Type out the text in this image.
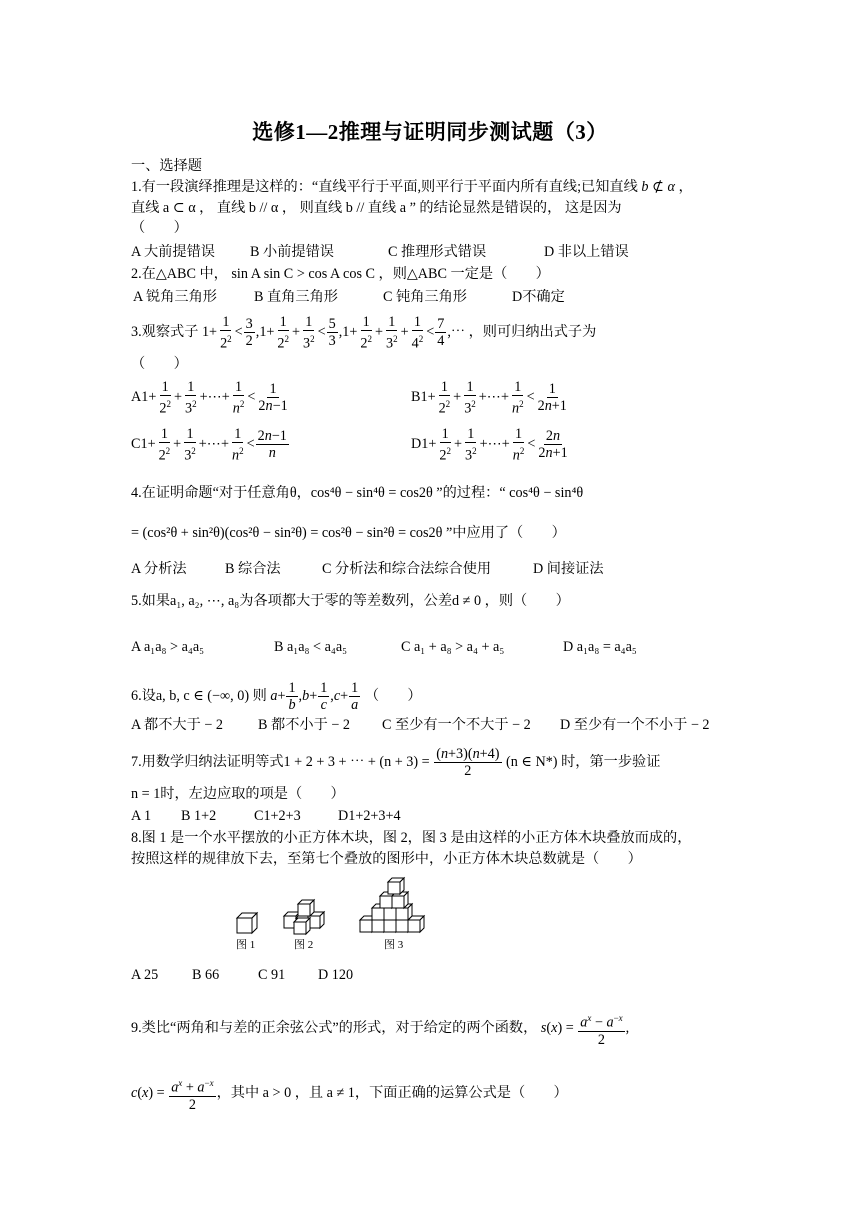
选修1—2推理与证明同步测试题（3）
一、选择题
1.有一段演绎推理是这样的：“直线平行于平面,则平行于平面内所有直线;已知直线 b ⊄ α ，
直线 a ⊂ α ， 直线 b // α ， 则直线 b // 直线 a ” 的结论显然是错误的， 这是因为
（　　）
A 大前提错误 B 小前提错误	C 推理形式错误	D 非以上错误
2.在△ABC 中， sin A sin C > cos A cos C ，则△ABC 一定是（　　）
A 锐角三角形	B 直角三角形	C 钝角三角形	D不确定
3.观察式子 $1+ \frac{1}{2^2} < \frac{3}{2} ,1+ \frac{1}{2^2} + \frac{1}{3^2} < \frac{5}{3} ,1+ \frac{1}{2^2} + \frac{1}{3^2} + \frac{1}{4^2} < \frac{7}{4}$ ,⋯ ，则可归纳出式子为
（　　）
$A1+ \frac{1}{2^2} + \frac{1}{3^2}$ +⋯+ $\frac{1}{n^2} < \frac{1}{2n-1}$	$B1+ \frac{1}{2^2} + \frac{1}{3^2}$ +⋯+ $\frac{1}{n^2} < \frac{1}{2n+1}$
$C1+ \frac{1}{2^2} + \frac{1}{3^2}$ +⋯+ $\frac{1}{n^2} < \frac{2n-1}{n}$	$D1+ \frac{1}{2^2} + \frac{1}{3^2}$ +⋯+ $\frac{1}{n^2} < \frac{2n}{2n+1}$
4.在证明命题“对于任意角θ，cos⁴θ − sin⁴θ = cos2θ ”的过程：“ cos⁴θ − sin⁴θ
= (cos²θ + sin²θ)(cos²θ − sin²θ) = cos²θ − sin²θ = cos2θ ”中应用了（　　）
A 分析法	B 综合法	C 分析法和综合法综合使用	D 间接证法
5.如果a₁, a₂, ⋯, a₈为各项都大于零的等差数列，公差d ≠ 0 ，则（　　）
A a₁a₈ > a₄a₅	B a₁a₈ < a₄a₅	C a₁ + a₈ > a₄ + a₅	D a₁a₈ = a₄a₅
6.设a, b, c ∈ (−∞, 0) 则 $a+ \frac{1}{b} ,b+ \frac{1}{c} ,c+ \frac{1}{a}$ （　　）
A 都不大于 − 2 B 都不小于 − 2 C 至少有一个不大于 − 2 D 至少有一个不小于 − 2
7.用数学归纳法证明等式1 + 2 + 3 + ⋯ + $(n + 3) = \frac{(n+3)(n+4)}{2} (n$ ∈ N*) 时，第一步验证
n = 1时，左边应取的项是（　　）
A 1 B 1+2	C1+2+3	D1+2+3+4
8.图 1 是一个水平摆放的小正方体木块，图 2，图 3 是由这样的小正方体木块叠放而成的，
按照这样的规律放下去，至第七个叠放的图形中，小正方体木块总数就是（　　）
图 1	图 2	图 3
A 25 B 66	C 91 D 120
9.类比“两角和与差的正余弦公式”的形式，对于给定的两个函数， $s(x) = \frac{a^x - a^{-x}}{2}$ ,
$c(x) = \frac{a^x + a^{-x}}{2}$ ，其中 a > 0 ，且 a ≠ 1，下面正确的运算公式是（　　）
